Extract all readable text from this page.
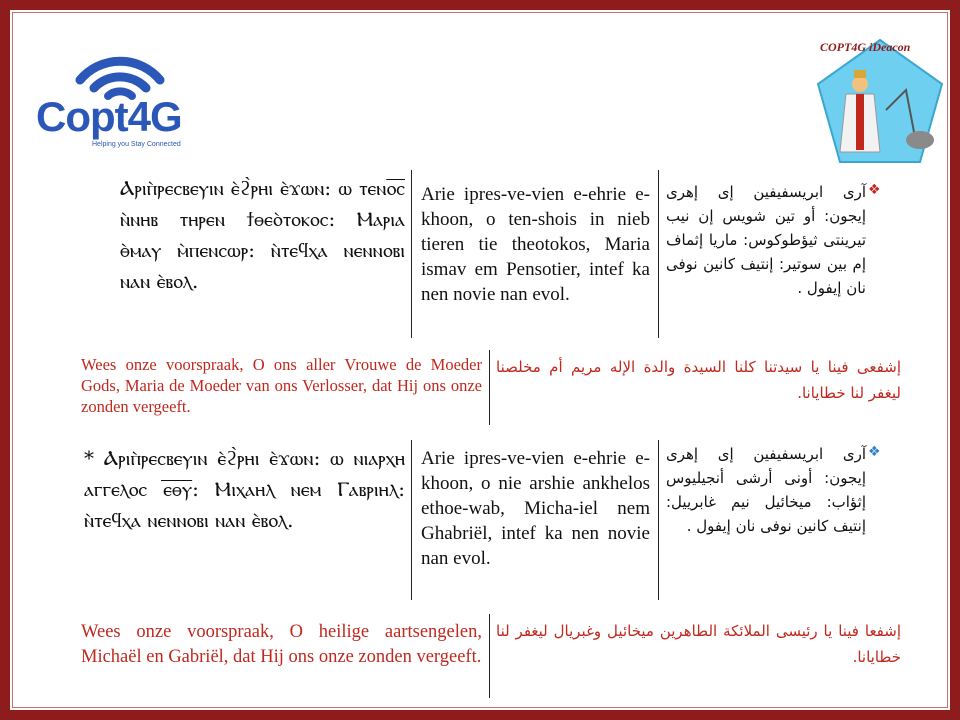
Copt4G
Helping you Stay Connected
COPT4G iDeacon
Ⲁⲣⲓⲡ̀ⲣⲉⲥⲃⲉⲩⲓⲛ ⲉ̀ϩ̀ⲣⲏⲓ ⲉ̀ϫⲱⲛ: ⲱ ⲧⲉⲛⲟ̅ⲥ̅ ⲛ̀ⲛⲏⲃ ⲧⲏⲣⲉⲛ ϯⲑⲉⲟ̀ⲧⲟⲕⲟⲥ: Ⲙⲁⲣⲓⲁ ⲑ̀ⲙⲁⲩ ⲙ̀ⲡⲉⲛⲥⲱⲣ: ⲛ̀ⲧⲉϥⲭⲁ ⲛⲉⲛⲛⲟⲃⲓ ⲛⲁⲛ ⲉ̀ⲃⲟⲗ.
Arie ipres-ve-vien e-ehrie e-khoon, o ten-shois in nieb tieren tie theotokos, Maria ismav em Pensotier, intef ka nen novie nan evol.
❖
آرى ابريسفيفين إى إهرى إيجون: أو تين شويس إن نيب تيرينتى ثيؤطوكوس: ماريا إثماف إم بين سوتير: إنتيف كانين نوفى نان إيفول .
Wees onze voorspraak, O ons aller Vrouwe de Moeder Gods, Maria de Moeder van ons Verlosser, dat Hij ons onze zonden vergeeft.
إشفعى فينا يا سيدتنا كلنا السيدة والدة الإله مريم أم مخلصنا ليغفر لنا خطايانا.
* Ⲁⲣⲓⲡ̀ⲣⲉⲥⲃⲉⲩⲓⲛ ⲉ̀ϩ̀ⲣⲏⲓ ⲉ̀ϫⲱⲛ: ⲱ ⲛⲓⲁⲣⲭⲏ ⲁⲅⲅⲉⲗⲟⲥ ⲉ̅ⲑ̅ⲩ̅: Ⲙⲓⲭⲁⲏⲗ ⲛⲉⲙ Ⲅⲁⲃⲣⲓⲏⲗ: ⲛ̀ⲧⲉϥⲭⲁ ⲛⲉⲛⲛⲟⲃⲓ ⲛⲁⲛ ⲉ̀ⲃⲟⲗ.
Arie ipres-ve-vien e-ehrie e-khoon, o nie arshie ankhelos ethoe-wab, Micha-iel nem Ghabriël, intef ka nen novie nan evol.
❖
آرى ابريسفيفين إى إهرى إيجون: أونى أرشى أنجيليوس إثؤاب: ميخائيل نيم غابرييل: إنتيف كانين نوفى نان إيفول .
Wees onze voorspraak, O heilige aartsengelen, Michaël en Gabriël, dat Hij ons onze zonden vergeeft.
إشفعا فينا يا رئيسى الملائكة الطاهرين ميخائيل وغبريال ليغفر لنا خطايانا.
